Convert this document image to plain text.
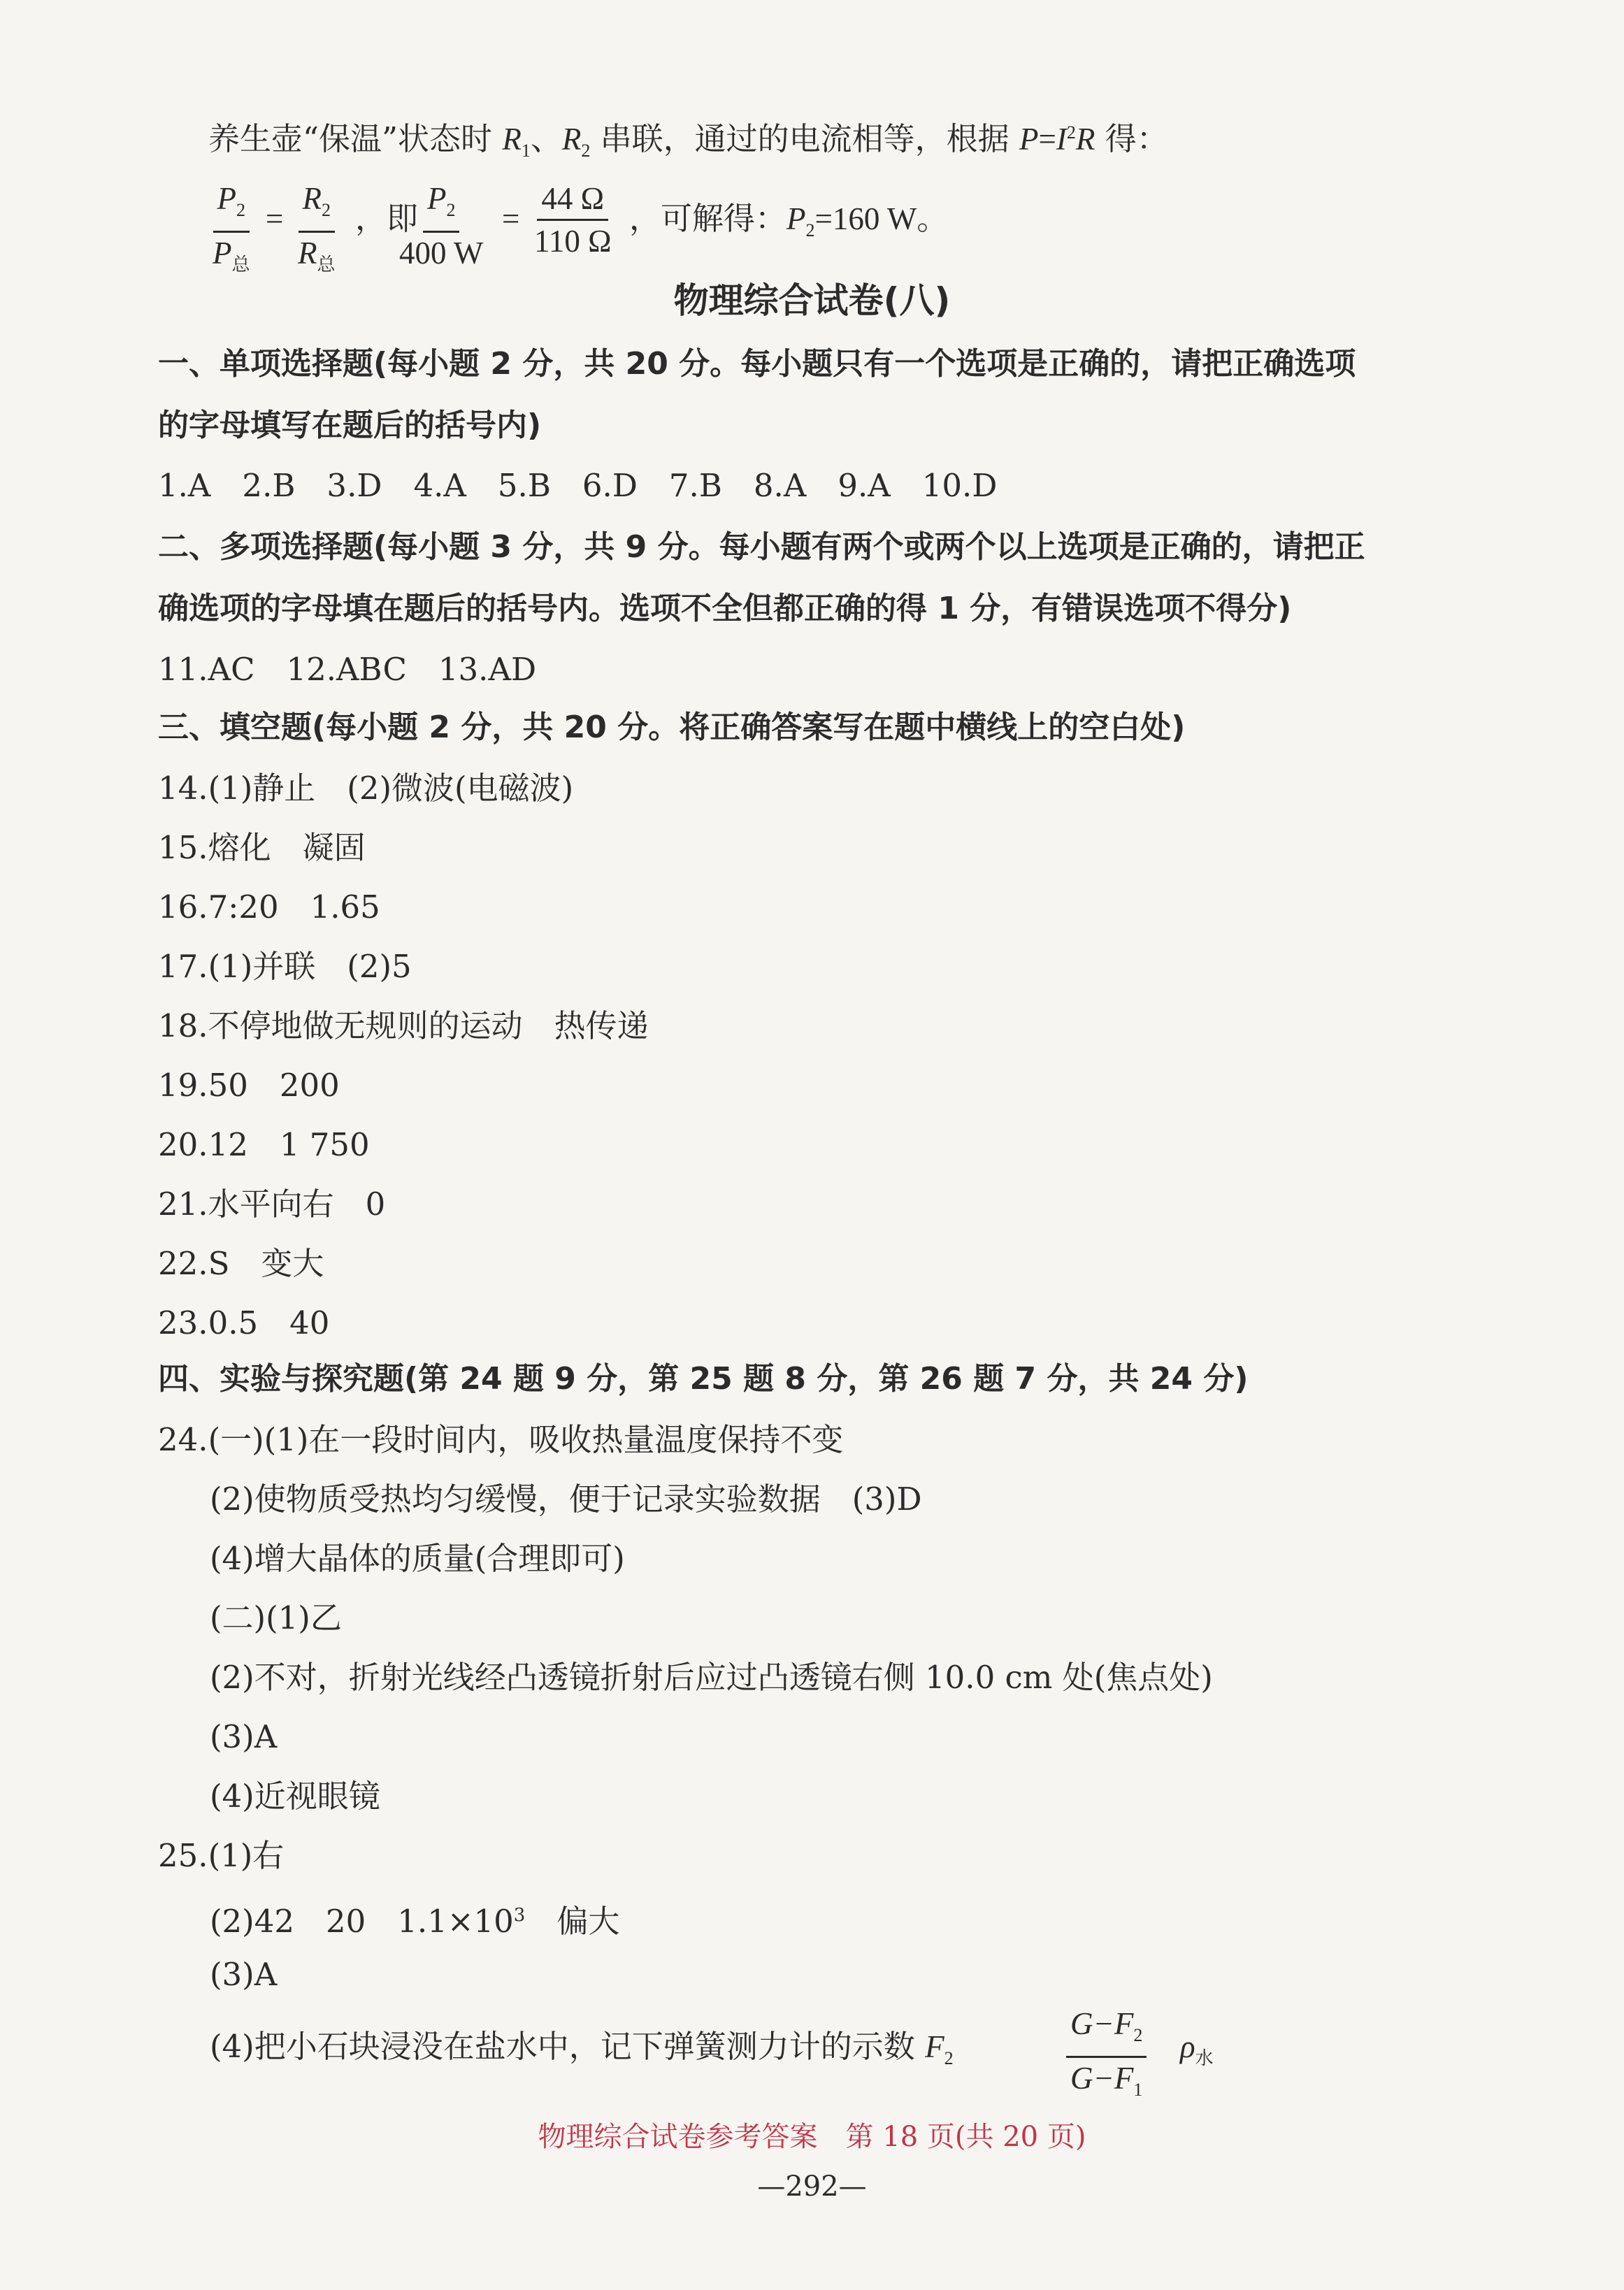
养生壶“保温”状态时 $R_1$、$R_2$ 串联，通过的电流相等，根据 $P=I^2R$ 得：
$P_2$
$P_总$
=
$R_2$
$R_总$
，即
$\frac{P_2}{400 W} = \frac{44 \Omega}{110 \Omega}$ ，可解得：$P_2=160$ W。
物理综合试卷(八)
一、单项选择题(每小题 2 分，共 20 分。每小题只有一个选项是正确的，请把正确选项
的字母填写在题后的括号内)
1.A　2.B　3.D　4.A　5.B　6.D　7.B　8.A　9.A　10.D
二、多项选择题(每小题 3 分，共 9 分。每小题有两个或两个以上选项是正确的，请把正
确选项的字母填在题后的括号内。选项不全但都正确的得 1 分，有错误选项不得分)
11.AC　12.ABC　13.AD
三、填空题(每小题 2 分，共 20 分。将正确答案写在题中横线上的空白处)
14.(1)静止　(2)微波(电磁波)
15.熔化　凝固
16.7:20　1.65
17.(1)并联　(2)5
18.不停地做无规则的运动　热传递
19.50　200
20.12　1 750
21.水平向右　0
22.S　变大
23.0.5　40
四、实验与探究题(第 24 题 9 分，第 25 题 8 分，第 26 题 7 分，共 24 分)
24.(一)(1)在一段时间内，吸收热量温度保持不变
(2)使物质受热均匀缓慢，便于记录实验数据　(3)D
(4)增大晶体的质量(合理即可)
(二)(1)乙
(2)不对，折射光线经凸透镜折射后应过凸透镜右侧 10.0 cm 处(焦点处)
(3)A
(4)近视眼镜
25.(1)右
(2)42　20　$1.1\times 10^3$　偏大
(3)A
(4)把小石块浸没在盐水中，记下弹簧测力计的示数 $F_2$	$\frac{G-F_2}{G-F_1} \rho_水$
物理综合试卷参考答案　第 18 页(共 20 页)
—292—
